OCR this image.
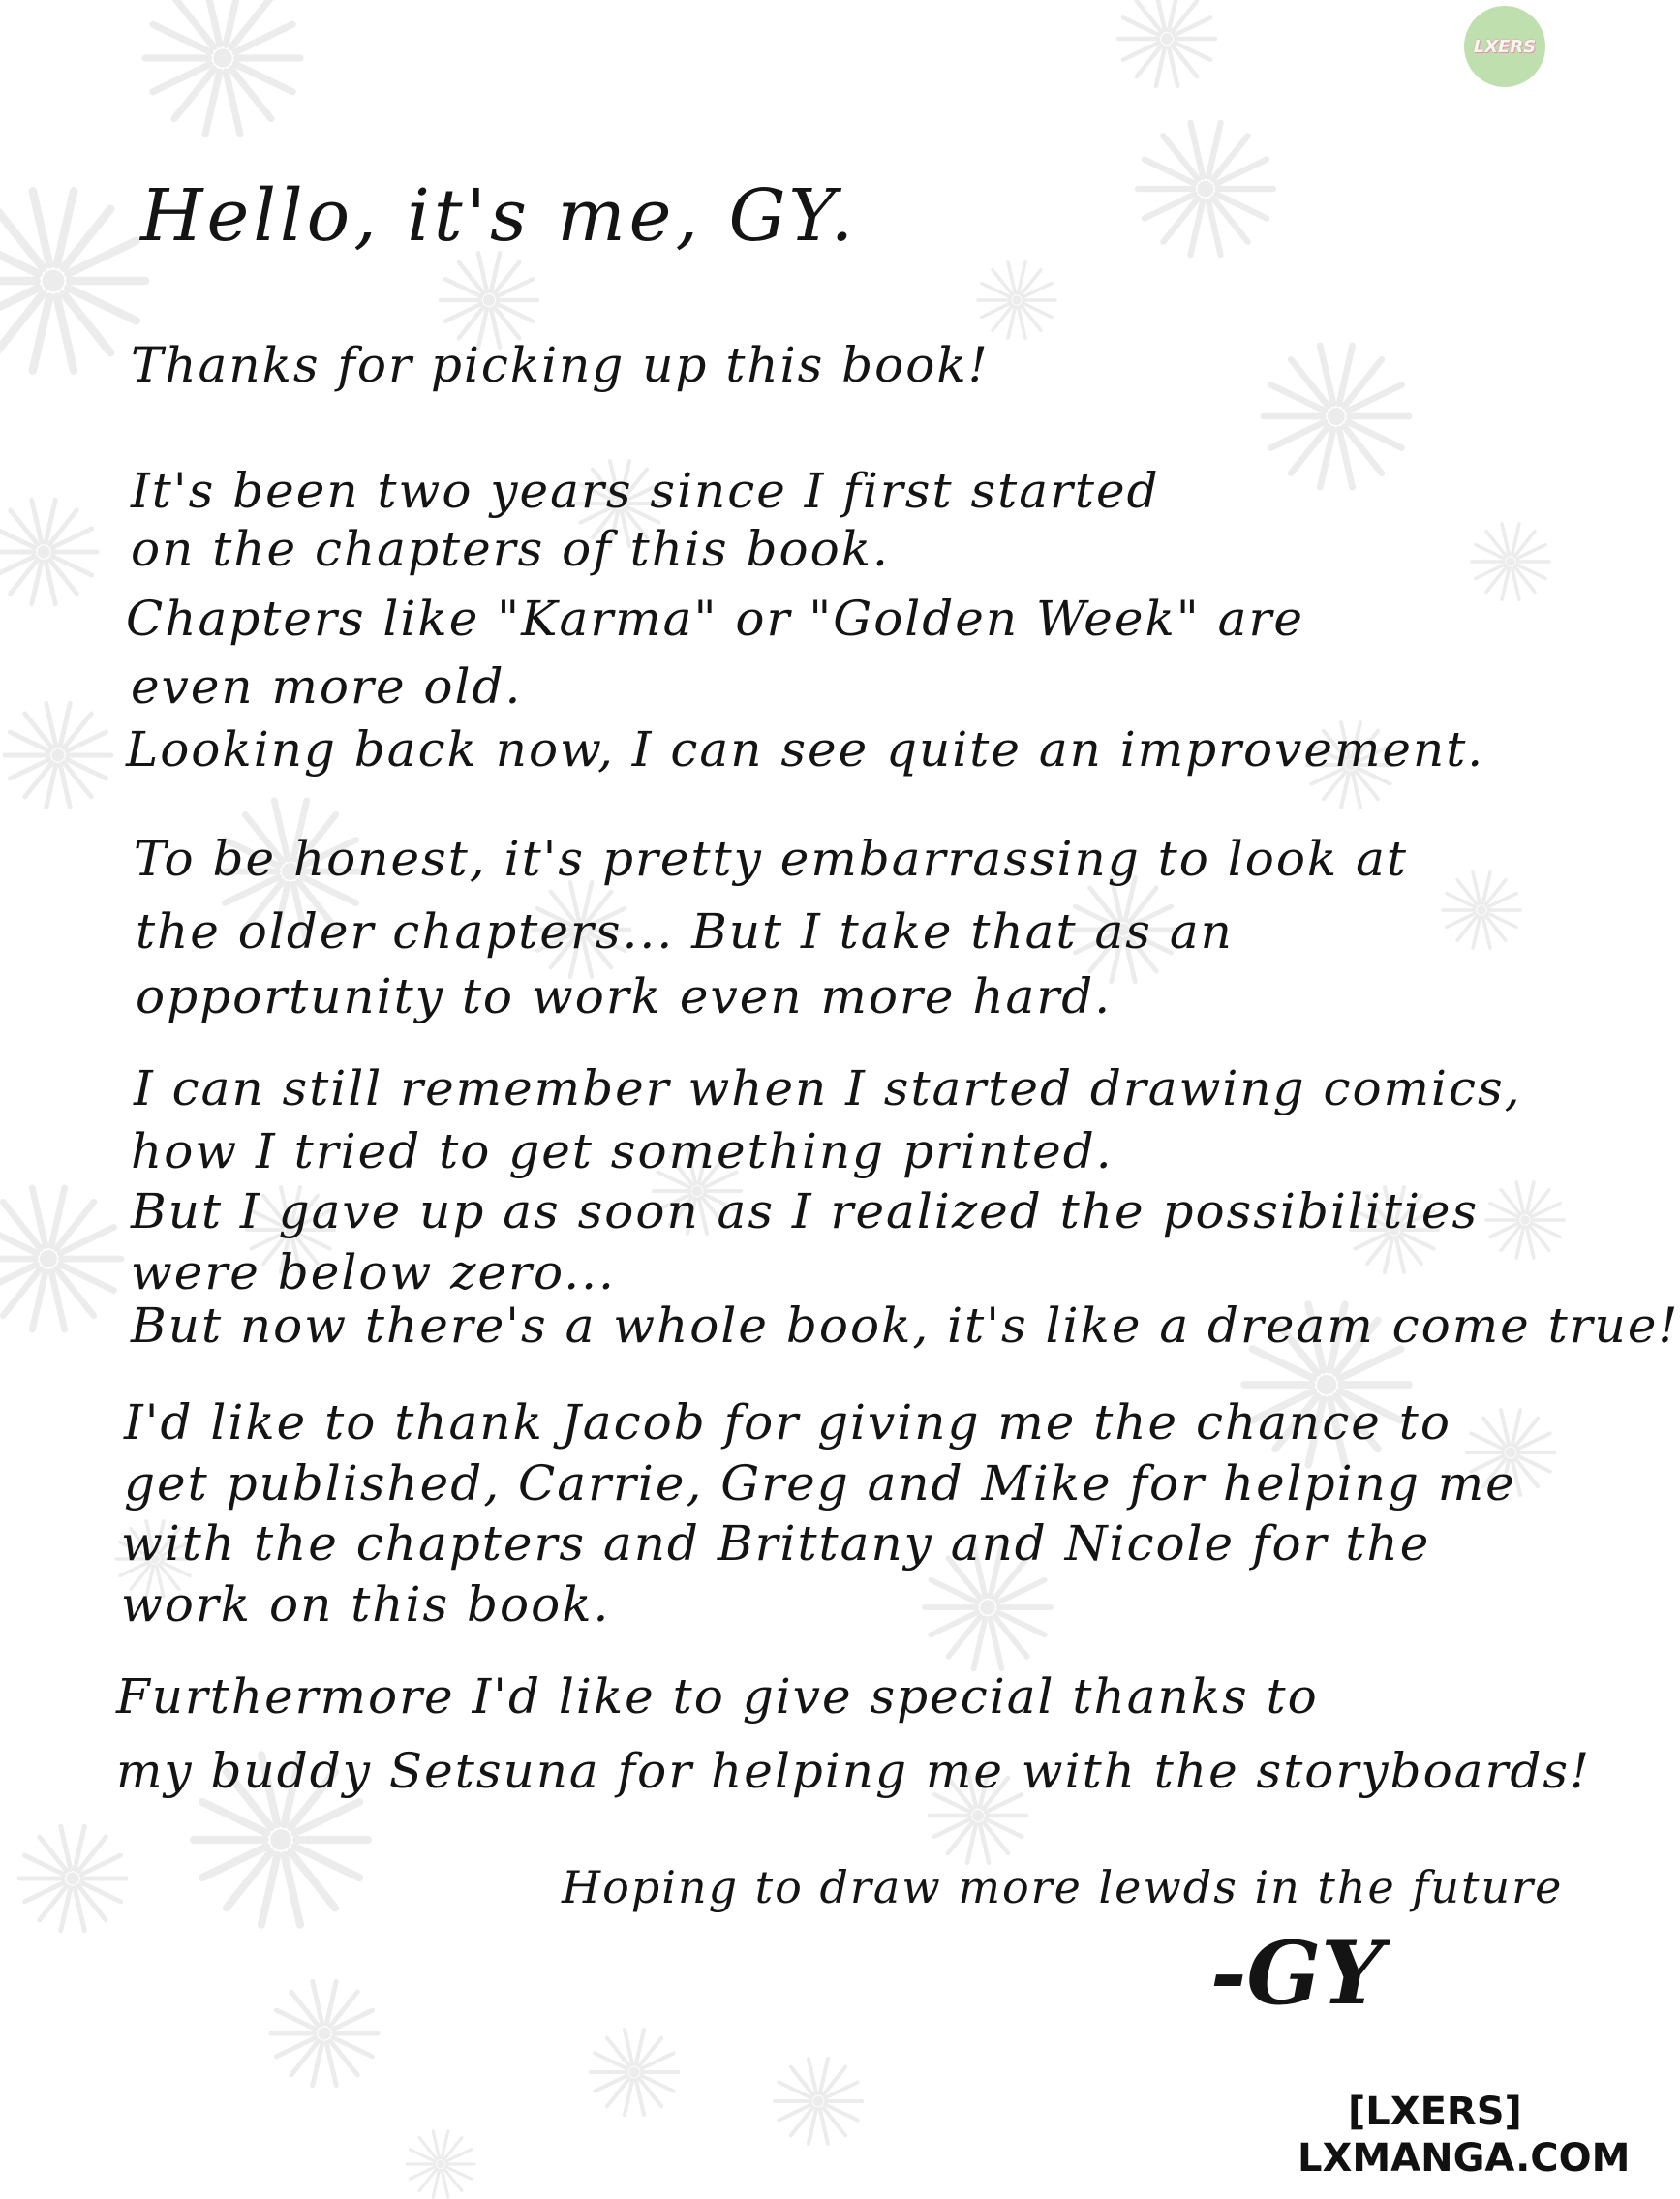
LXERS
Hello, it's me, GY.
Thanks for picking up this book!
It's been two years since I first started
on the chapters of this book.
Chapters like "Karma" or "Golden Week" are
even more old.
Looking back now, I can see quite an improvement.
To be honest, it's pretty embarrassing to look at
the older chapters... But I take that as an
opportunity to work even more hard.
I can still remember when I started drawing comics,
how I tried to get something printed.
But I gave up as soon as I realized the possibilities
were below zero...
But now there's a whole book, it's like a dream come true!
I'd like to thank Jacob for giving me the chance to
get published, Carrie, Greg and Mike for helping me
with the chapters and Brittany and Nicole for the
work on this book.
Furthermore I'd like to give special thanks to
my buddy Setsuna for helping me with the storyboards!
Hoping to draw more lewds in the future
-GY
[LXERS]
LXMANGA.COM
